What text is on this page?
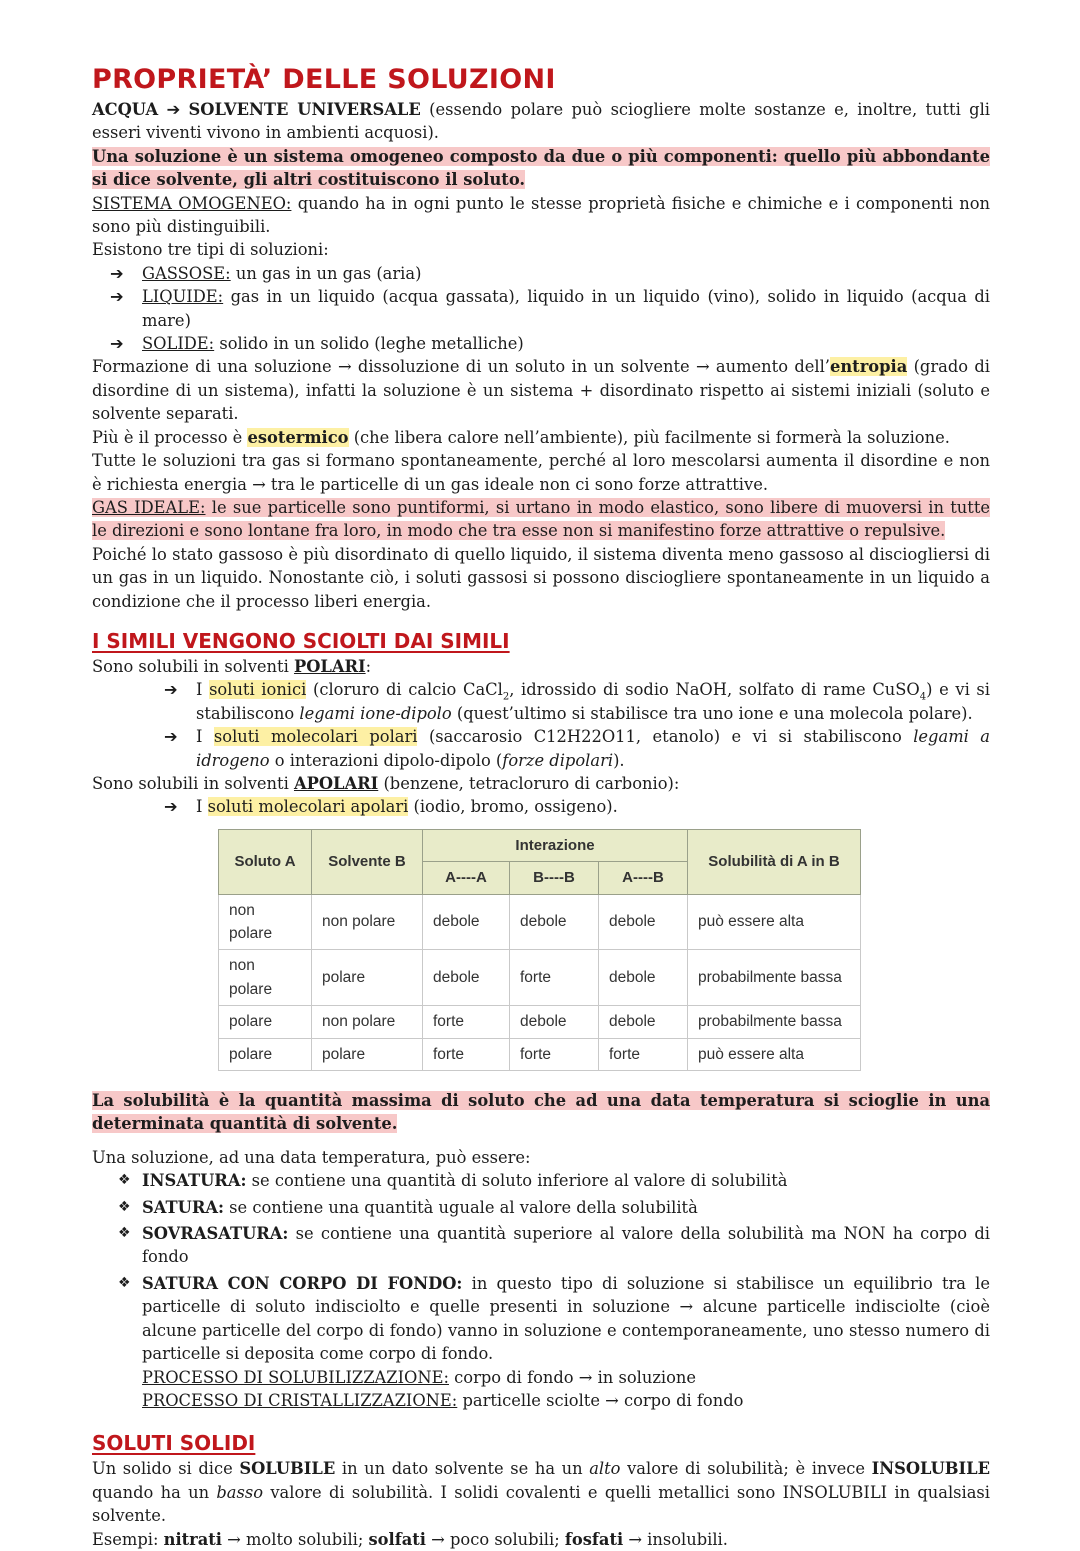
PROPRIETÀ’ DELLE SOLUZIONI

ACQUA ➔ SOLVENTE UNIVERSALE (essendo polare può sciogliere molte sostanze e, inoltre, tutti gli esseri viventi vivono in ambienti acquosi).

Una soluzione è un sistema omogeneo composto da due o più componenti: quello più abbondante si dice solvente, gli altri costituiscono il soluto.

SISTEMA OMOGENEO: quando ha in ogni punto le stesse proprietà fisiche e chimiche e i componenti non sono più distinguibili.

Esistono tre tipi di soluzioni:

➔ GASSOSE: un gas in un gas (aria)
➔ LIQUIDE: gas in un liquido (acqua gassata), liquido in un liquido (vino), solido in liquido (acqua di mare)
➔ SOLIDE: solido in un solido (leghe metalliche)

Formazione di una soluzione → dissoluzione di un soluto in un solvente → aumento dell’entropia (grado di disordine di un sistema), infatti la soluzione è un sistema + disordinato rispetto ai sistemi iniziali (soluto e solvente separati.

Più è il processo è esotermico (che libera calore nell’ambiente), più facilmente si formerà la soluzione.

Tutte le soluzioni tra gas si formano spontaneamente, perché al loro mescolarsi aumenta il disordine e non è richiesta energia → tra le particelle di un gas ideale non ci sono forze attrattive.

GAS IDEALE: le sue particelle sono puntiformi, si urtano in modo elastico, sono libere di muoversi in tutte le direzioni e sono lontane fra loro, in modo che tra esse non si manifestino forze attrattive o repulsive.

Poiché lo stato gassoso è più disordinato di quello liquido, il sistema diventa meno gassoso al disciogliersi di un gas in un liquido. Nonostante ciò, i soluti gassosi si possono disciogliere spontaneamente in un liquido a condizione che il processo liberi energia.

I SIMILI VENGONO SCIOLTI DAI SIMILI

Sono solubili in solventi POLARI:

➔ I soluti ionici (cloruro di calcio CaCl$_2$, idrossido di sodio NaOH, solfato di rame CuSO$_4$) e vi si stabiliscono legami ione-dipolo (quest’ultimo si stabilisce tra uno ione e una molecola polare).
➔ I soluti molecolari polari (saccarosio C12H22O11, etanolo) e vi si stabiliscono legami a idrogeno o interazioni dipolo-dipolo (forze dipolari).

Sono solubili in solventi APOLARI (benzene, tetracloruro di carbonio):

➔ I soluti molecolari apolari (iodio, bromo, ossigeno).
Soluto A	Solvente B	Interazione			Solubilità di A in B
		A----A	B----B	A----B	
non polare	non polare	debole	debole	debole	può essere alta
non polare	polare	debole	forte	debole	probabilmente bassa
polare	non polare	forte	debole	debole	probabilmente bassa
polare	polare	forte	forte	forte	può essere alta

La solubilità è la quantità massima di soluto che ad una data temperatura si scioglie in una determinata quantità di solvente.

Una soluzione, ad una data temperatura, può essere:

❖ INSATURA: se contiene una quantità di soluto inferiore al valore di solubilità
❖ SATURA: se contiene una quantità uguale al valore della solubilità
❖ SOVRASATURA: se contiene una quantità superiore al valore della solubilità ma NON ha corpo di fondo
❖ SATURA CON CORPO DI FONDO: in questo tipo di soluzione si stabilisce un equilibrio tra le particelle di soluto indisciolto e quelle presenti in soluzione → alcune particelle indisciolte (cioè alcune particelle del corpo di fondo) vanno in soluzione e contemporaneamente, uno stesso numero di particelle si deposita come corpo di fondo.
PROCESSO DI SOLUBILIZZAZIONE: corpo di fondo → in soluzione
PROCESSO DI CRISTALLIZZAZIONE: particelle sciolte → corpo di fondo
SOLUTI SOLIDI

Un solido si dice SOLUBILE in un dato solvente se ha un alto valore di solubilità; è invece INSOLUBILE quando ha un basso valore di solubilità. I solidi covalenti e quelli metallici sono INSOLUBILI in qualsiasi solvente.

Esempi: nitrati → molto solubili; solfati → poco solubili; fosfati → insolubili.
